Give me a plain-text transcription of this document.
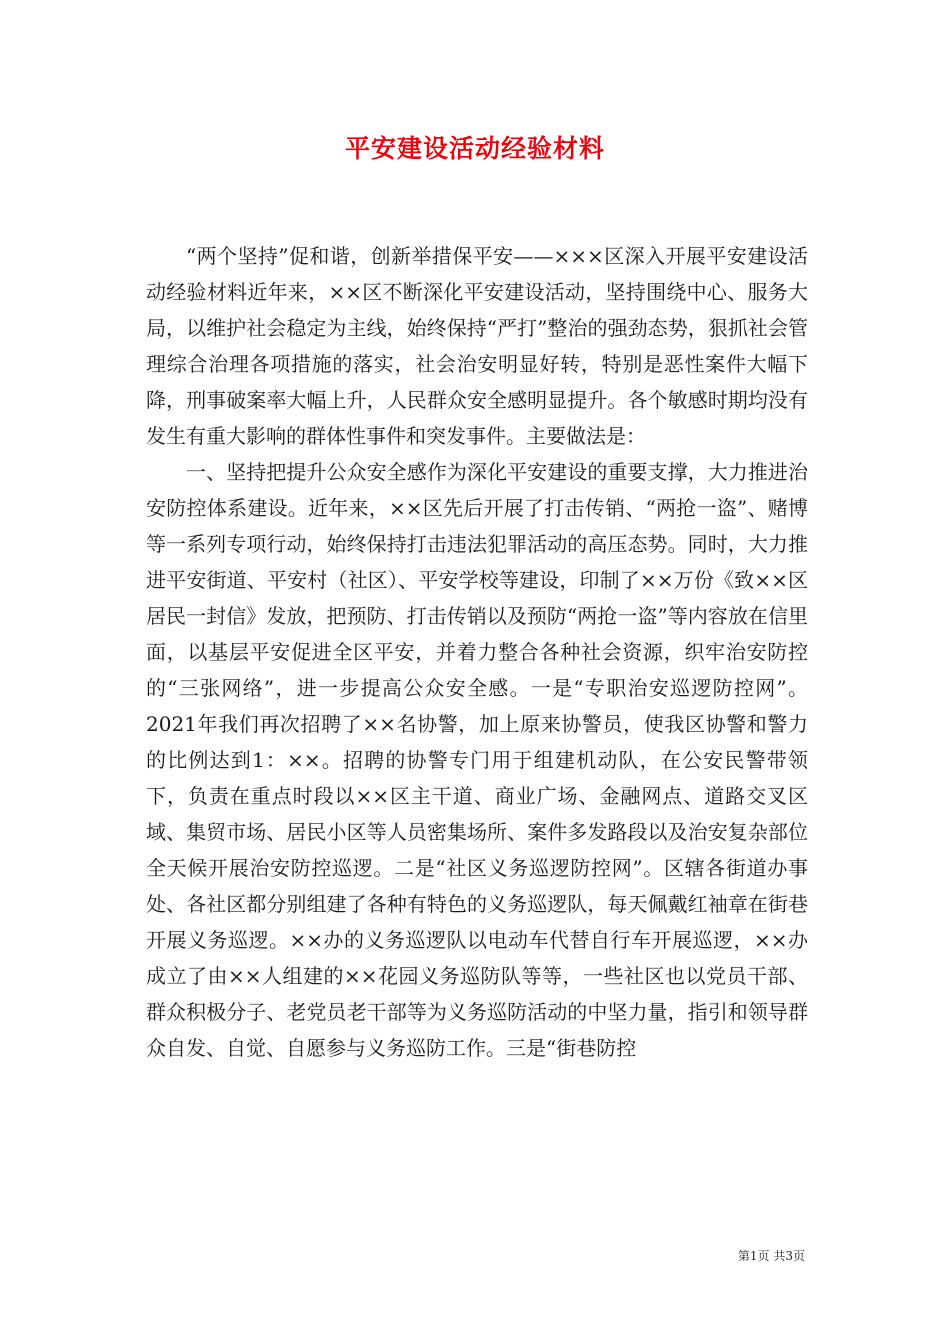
平安建设活动经验材料

“两个坚持”促和谐，创新举措保平安——×××区深入开展平安建设活动经验材料近年来，××区不断深化平安建设活动，坚持围绕中心、服务大局，以维护社会稳定为主线，始终保持“严打”整治的强劲态势，狠抓社会管理综合治理各项措施的落实，社会治安明显好转，特别是恶性案件大幅下降，刑事破案率大幅上升，人民群众安全感明显提升。各个敏感时期均没有发生有重大影响的群体性事件和突发事件。主要做法是：

一、坚持把提升公众安全感作为深化平安建设的重要支撑，大力推进治安防控体系建设。近年来，××区先后开展了打击传销、“两抢一盗”、赌博等一系列专项行动，始终保持打击违法犯罪活动的高压态势。同时，大力推进平安街道、平安村（社区）、平安学校等建设，印制了××万份《致××区居民一封信》发放，把预防、打击传销以及预防“两抢一盗”等内容放在信里面，以基层平安促进全区平安，并着力整合各种社会资源，织牢治安防控的“三张网络”，进一步提高公众安全感。一是“专职治安巡逻防控网”。2021年我们再次招聘了××名协警，加上原来协警员，使我区协警和警力的比例达到1：××。招聘的协警专门用于组建机动队，在公安民警带领下，负责在重点时段以××区主干道、商业广场、金融网点、道路交叉区域、集贸市场、居民小区等人员密集场所、案件多发路段以及治安复杂部位全天候开展治安防控巡逻。二是“社区义务巡逻防控网”。区辖各街道办事处、各社区都分别组建了各种有特色的义务巡逻队，每天佩戴红袖章在街巷开展义务巡逻。××办的义务巡逻队以电动车代替自行车开展巡逻，××办成立了由××人组建的××花园义务巡防队等等，一些社区也以党员干部、群众积极分子、老党员老干部等为义务巡防活动的中坚力量，指引和领导群众自发、自觉、自愿参与义务巡防工作。三是“街巷防控

第1页 共3页
